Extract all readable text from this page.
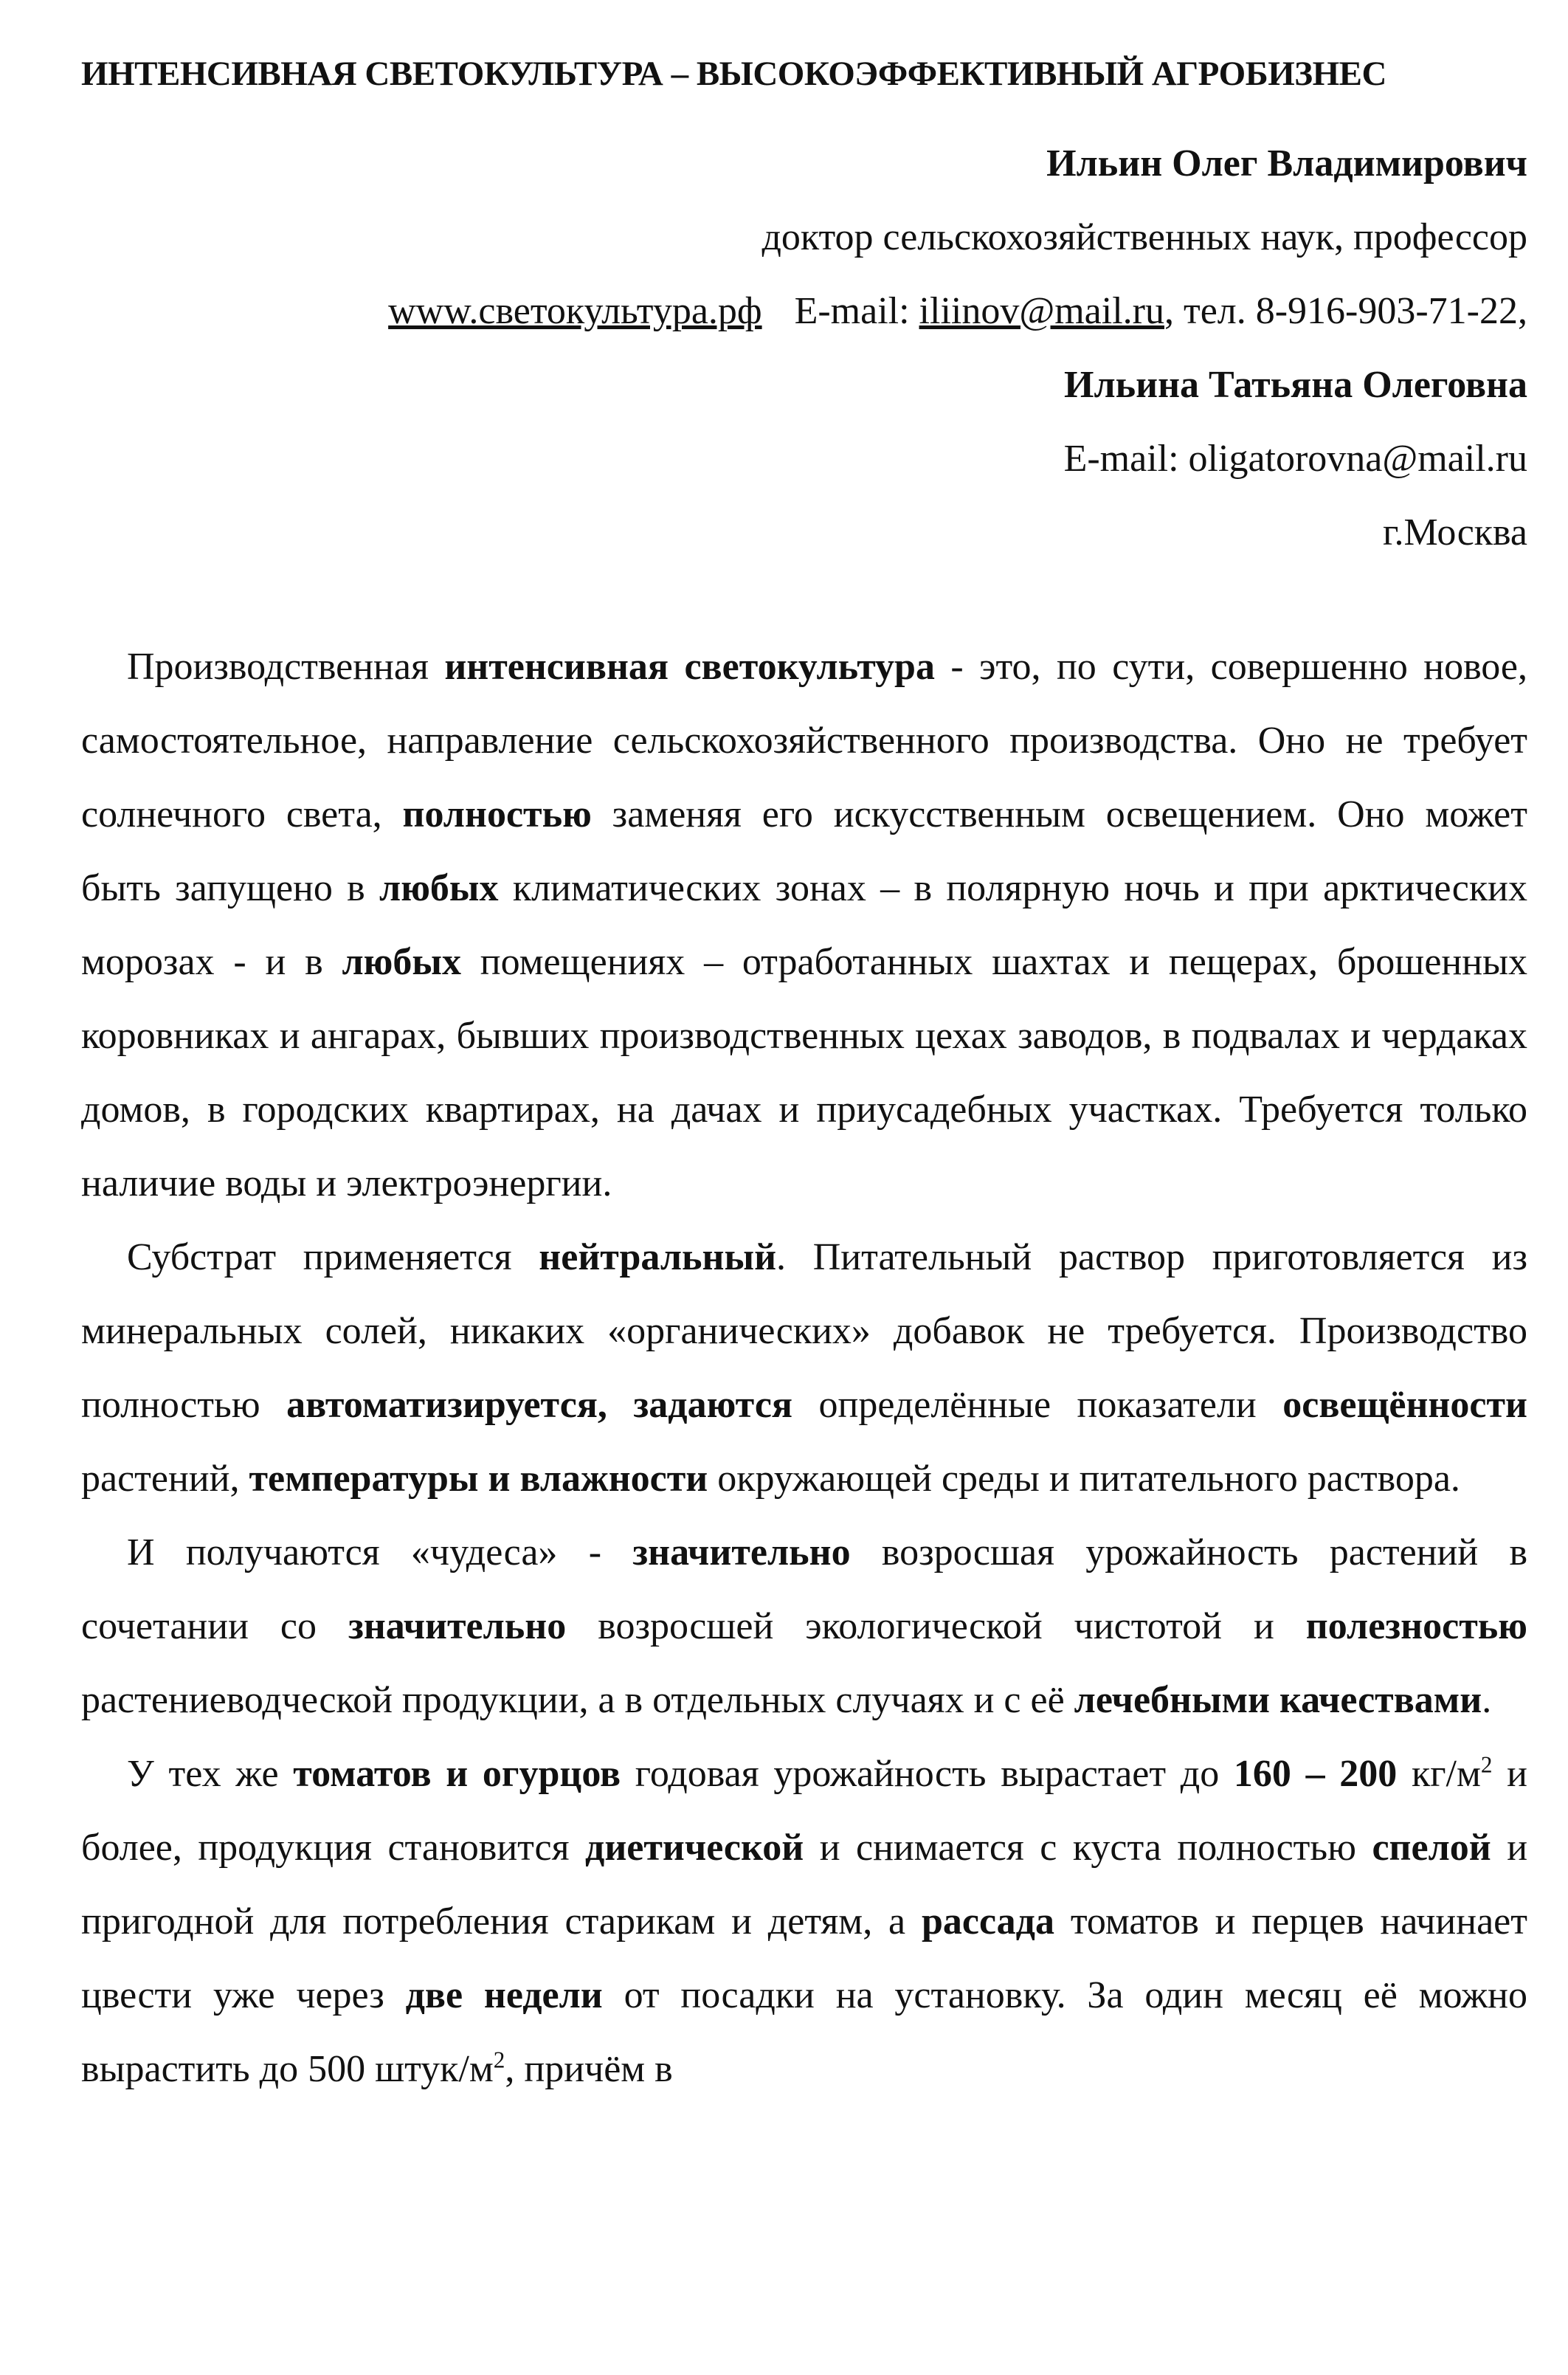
ИНТЕНСИВНАЯ СВЕТОКУЛЬТУРА – ВЫСОКОЭФФЕКТИВНЫЙ АГРОБИЗНЕС
Ильин Олег Владимирович
доктор сельскохозяйственных наук, профессор
www.светокультура.рф E-mail: iliinov@mail.ru, тел. 8-916-903-71-22,
Ильина Татьяна Олеговна
E-mail: oligatorovna@mail.ru
г.Москва

Производственная интенсивная светокультура - это, по сути, совершенно новое, самостоятельное, направление сельскохозяйственного производства. Оно не требует солнечного света, полностью заменяя его искусственным освещением. Оно может быть запущено в любых климатических зонах – в полярную ночь и при арктических морозах - и в любых помещениях – отработанных шахтах и пещерах, брошенных коровниках и ангарах, бывших производственных цехах заводов, в подвалах и чердаках домов, в городских квартирах, на дачах и приусадебных участках. Требуется только наличие воды и электроэнергии.

Субстрат применяется нейтральный. Питательный раствор приготовляется из минеральных солей, никаких «органических» добавок не требуется. Производство полностью автоматизируется, задаются определённые показатели освещённости растений, температуры и влажности окружающей среды и питательного раствора.

И получаются «чудеса» - значительно возросшая урожайность растений в сочетании со значительно возросшей экологической чистотой и полезностью растениеводческой продукции, а в отдельных случаях и с её лечебными качествами.

У тех же томатов и огурцов годовая урожайность вырастает до 160 – 200 $кг/м^2$ и более, продукция становится диетической и снимается с куста полностью спелой и пригодной для потребления старикам и детям, а рассада томатов и перцев начинает цвести уже через две недели от посадки на установку. За один месяц её можно вырастить до 500 штук/$м^2$, причём в
